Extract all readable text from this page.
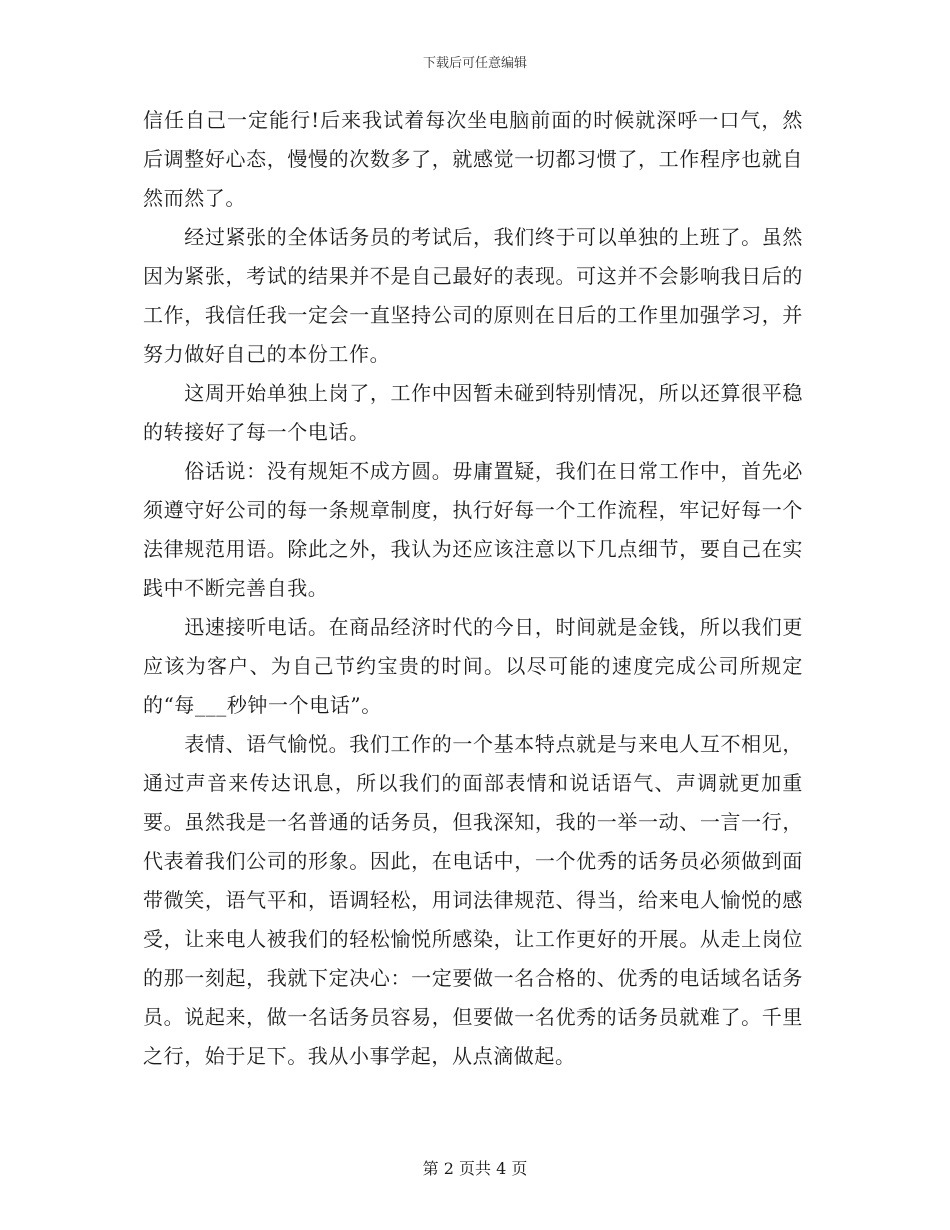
下载后可任意编辑

信任自己一定能行!后来我试着每次坐电脑前面的时候就深呼一口气，然后调整好心态，慢慢的次数多了，就感觉一切都习惯了，工作程序也就自然而然了。

　　经过紧张的全体话务员的考试后，我们终于可以单独的上班了。虽然因为紧张，考试的结果并不是自己最好的表现。可这并不会影响我日后的工作，我信任我一定会一直坚持公司的原则在日后的工作里加强学习，并努力做好自己的本份工作。

　　这周开始单独上岗了，工作中因暂未碰到特别情况，所以还算很平稳的转接好了每一个电话。

　　俗话说：没有规矩不成方圆。毋庸置疑，我们在日常工作中，首先必须遵守好公司的每一条规章制度，执行好每一个工作流程，牢记好每一个法律规范用语。除此之外，我认为还应该注意以下几点细节，要自己在实践中不断完善自我。

　　迅速接听电话。在商品经济时代的今日，时间就是金钱，所以我们更应该为客户、为自己节约宝贵的时间。以尽可能的速度完成公司所规定的“每___秒钟一个电话”。

　　表情、语气愉悦。我们工作的一个基本特点就是与来电人互不相见，通过声音来传达讯息，所以我们的面部表情和说话语气、声调就更加重要。虽然我是一名普通的话务员，但我深知，我的一举一动、一言一行，代表着我们公司的形象。因此，在电话中，一个优秀的话务员必须做到面带微笑，语气平和，语调轻松，用词法律规范、得当，给来电人愉悦的感受，让来电人被我们的轻松愉悦所感染，让工作更好的开展。从走上岗位的那一刻起，我就下定决心：一定要做一名合格的、优秀的电话域名话务员。说起来，做一名话务员容易，但要做一名优秀的话务员就难了。千里之行，始于足下。我从小事学起，从点滴做起。

第 2 页共 4 页
